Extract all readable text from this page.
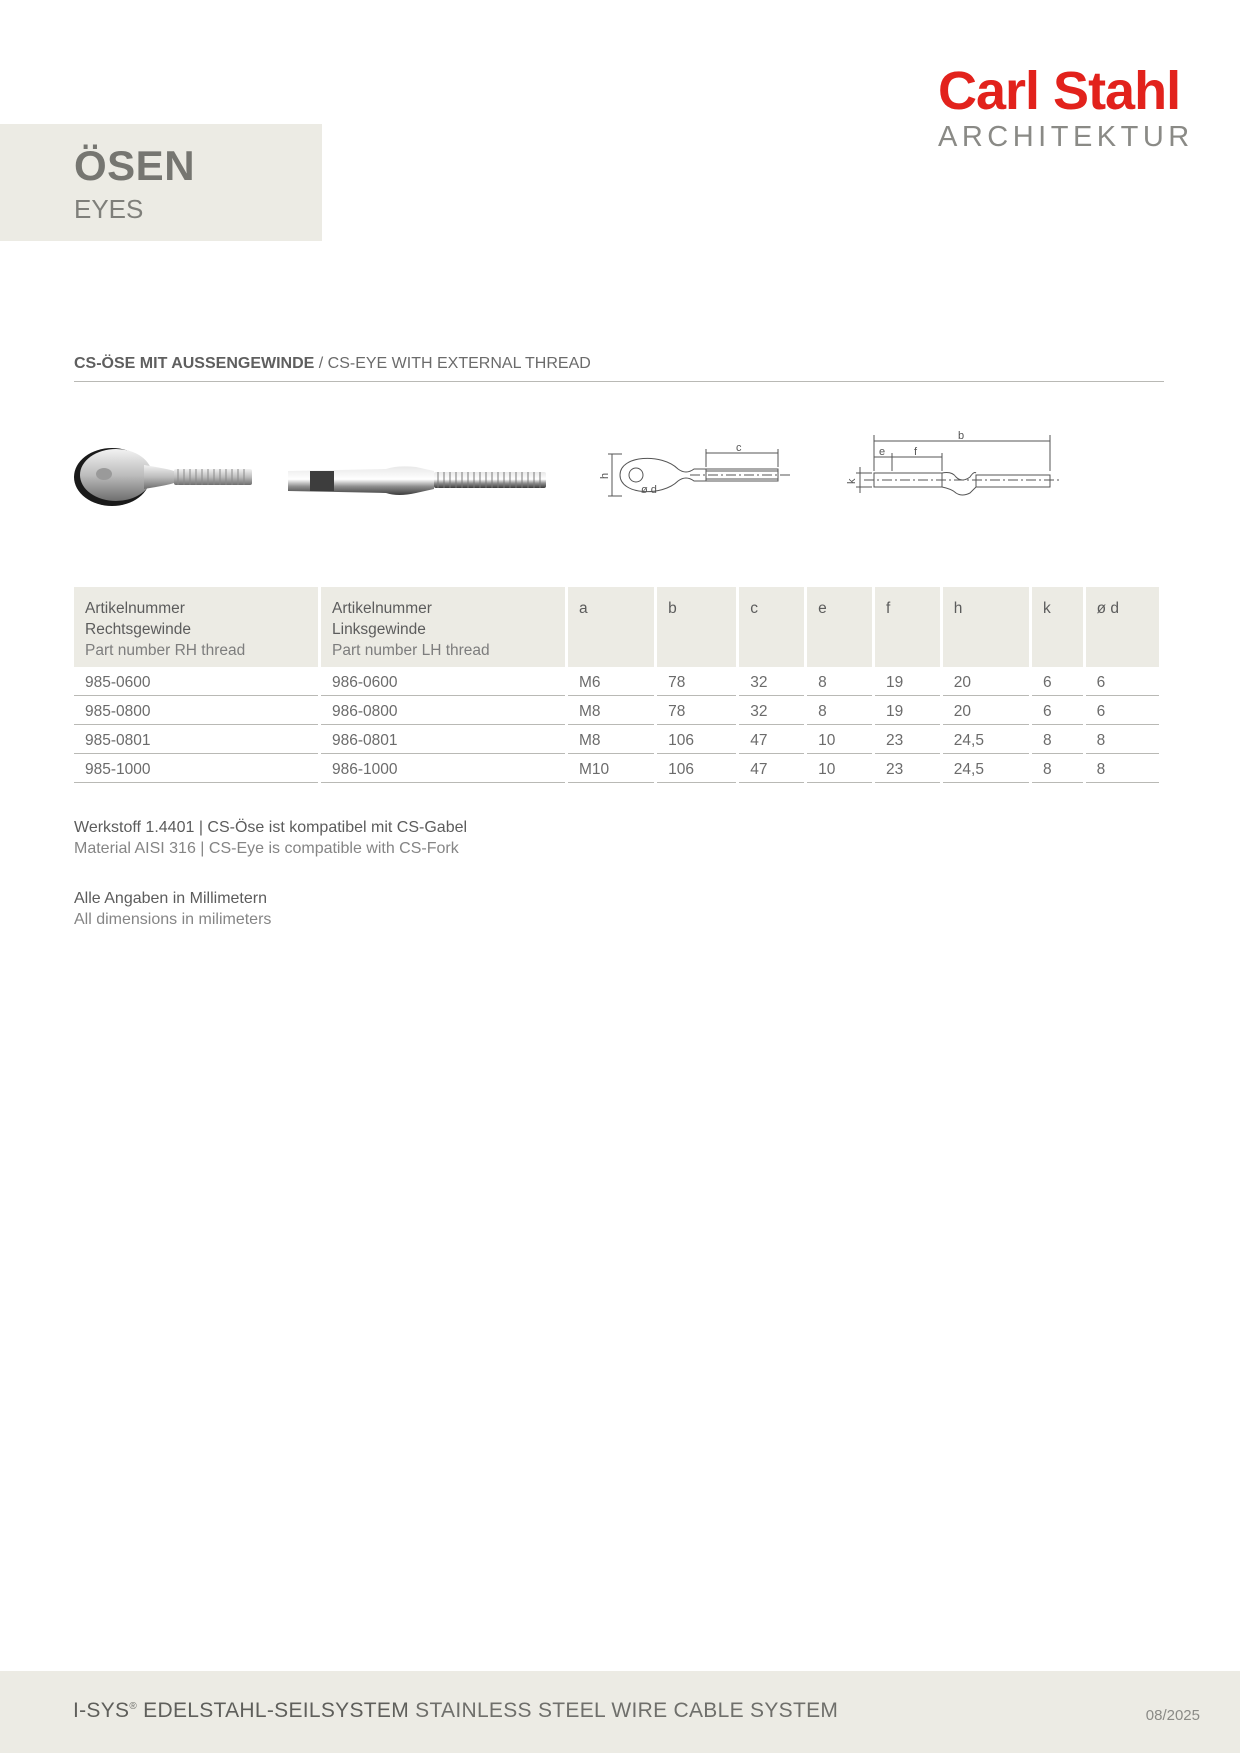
Carl Stahl
ARCHITEKTUR
ÖSEN
EYES
CS-ÖSE MIT AUSSENGEWINDE / CS-EYE WITH EXTERNAL THREAD
c
h
ø d
b
e	f
k
Artikelnummer
Rechtsgewinde
Part number RH thread	Artikelnummer
Linksgewinde
Part number LH thread	a	b	c	e	f	h	k	ø d
985-0600	986-0600	M6	78	32	8	19	20	6	6
985-0800	986-0800	M8	78	32	8	19	20	6	6
985-0801	986-0801	M8	106	47	10	23	24,5	8	8
985-1000	986-1000	M10	106	47	10	23	24,5	8	8

Werkstoff 1.4401 | CS-Öse ist kompatibel mit CS-Gabel
Material AISI 316 | CS-Eye is compatible with CS-Fork

Alle Angaben in Millimetern
All dimensions in milimeters

I-SYS® EDELSTAHL-SEILSYSTEM STAINLESS STEEL WIRE CABLE SYSTEM	08/2025
